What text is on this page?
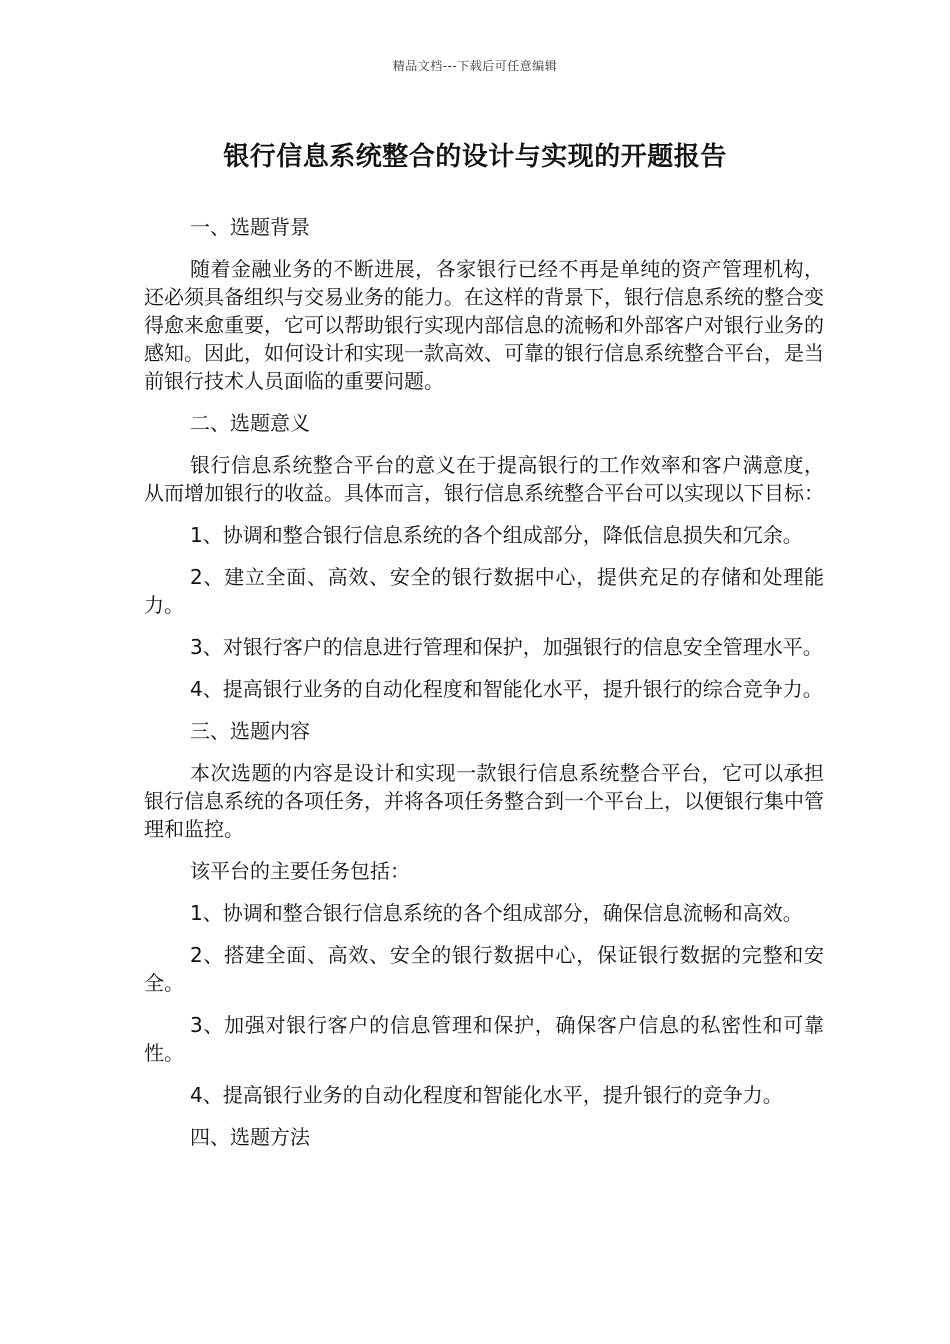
精品文档---下载后可任意编辑
银行信息系统整合的设计与实现的开题报告

一、选题背景

随着金融业务的不断进展，各家银行已经不再是单纯的资产管理机构，还必须具备组织与交易业务的能力。在这样的背景下，银行信息系统的整合变得愈来愈重要，它可以帮助银行实现内部信息的流畅和外部客户对银行业务的感知。因此，如何设计和实现一款高效、可靠的银行信息系统整合平台，是当前银行技术人员面临的重要问题。

二、选题意义

银行信息系统整合平台的意义在于提高银行的工作效率和客户满意度，从而增加银行的收益。具体而言，银行信息系统整合平台可以实现以下目标：

1、协调和整合银行信息系统的各个组成部分，降低信息损失和冗余。

2、建立全面、高效、安全的银行数据中心，提供充足的存储和处理能力。

3、对银行客户的信息进行管理和保护，加强银行的信息安全管理水平。

4、提高银行业务的自动化程度和智能化水平，提升银行的综合竞争力。

三、选题内容

本次选题的内容是设计和实现一款银行信息系统整合平台，它可以承担银行信息系统的各项任务，并将各项任务整合到一个平台上，以便银行集中管理和监控。

该平台的主要任务包括：

1、协调和整合银行信息系统的各个组成部分，确保信息流畅和高效。

2、搭建全面、高效、安全的银行数据中心，保证银行数据的完整和安全。

3、加强对银行客户的信息管理和保护，确保客户信息的私密性和可靠性。

4、提高银行业务的自动化程度和智能化水平，提升银行的竞争力。

四、选题方法
